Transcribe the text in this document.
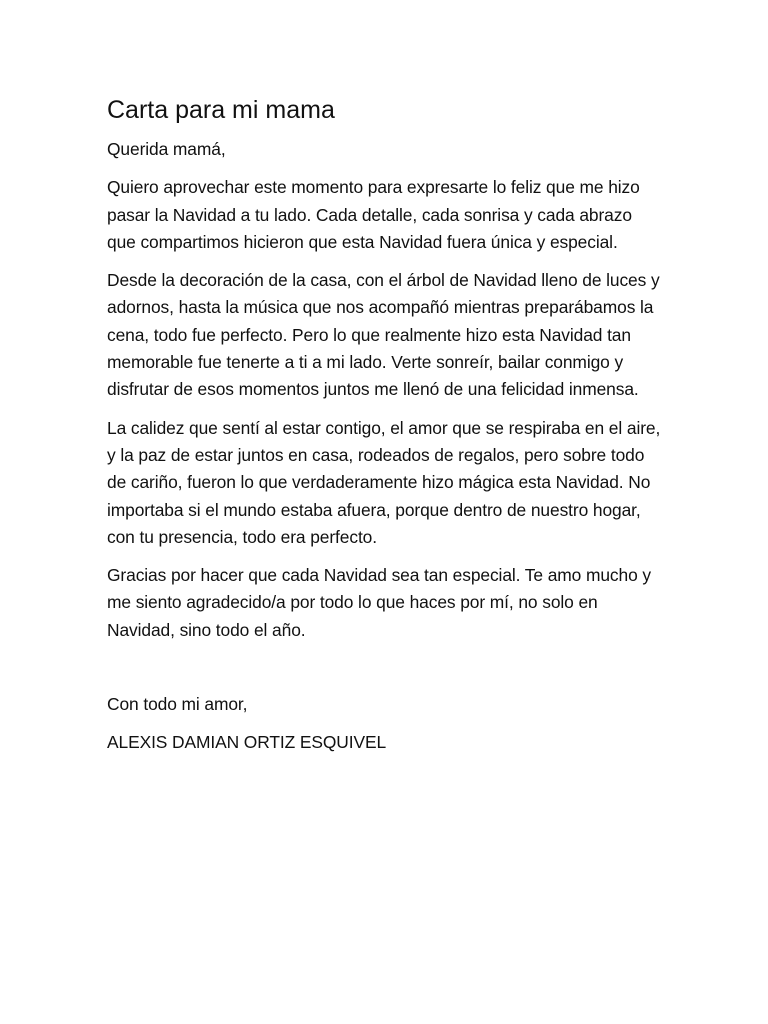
Carta para mi mama
Querida mamá,
Quiero aprovechar este momento para expresarte lo feliz que me hizo pasar la Navidad a tu lado. Cada detalle, cada sonrisa y cada abrazo que compartimos hicieron que esta Navidad fuera única y especial.
Desde la decoración de la casa, con el árbol de Navidad lleno de luces y adornos, hasta la música que nos acompañó mientras preparábamos la cena, todo fue perfecto. Pero lo que realmente hizo esta Navidad tan memorable fue tenerte a ti a mi lado. Verte sonreír, bailar conmigo y disfrutar de esos momentos juntos me llenó de una felicidad inmensa.
La calidez que sentí al estar contigo, el amor que se respiraba en el aire, y la paz de estar juntos en casa, rodeados de regalos, pero sobre todo de cariño, fueron lo que verdaderamente hizo mágica esta Navidad. No importaba si el mundo estaba afuera, porque dentro de nuestro hogar, con tu presencia, todo era perfecto.
Gracias por hacer que cada Navidad sea tan especial. Te amo mucho y me siento agradecido/a por todo lo que haces por mí, no solo en Navidad, sino todo el año.
Con todo mi amor,
ALEXIS DAMIAN ORTIZ ESQUIVEL
